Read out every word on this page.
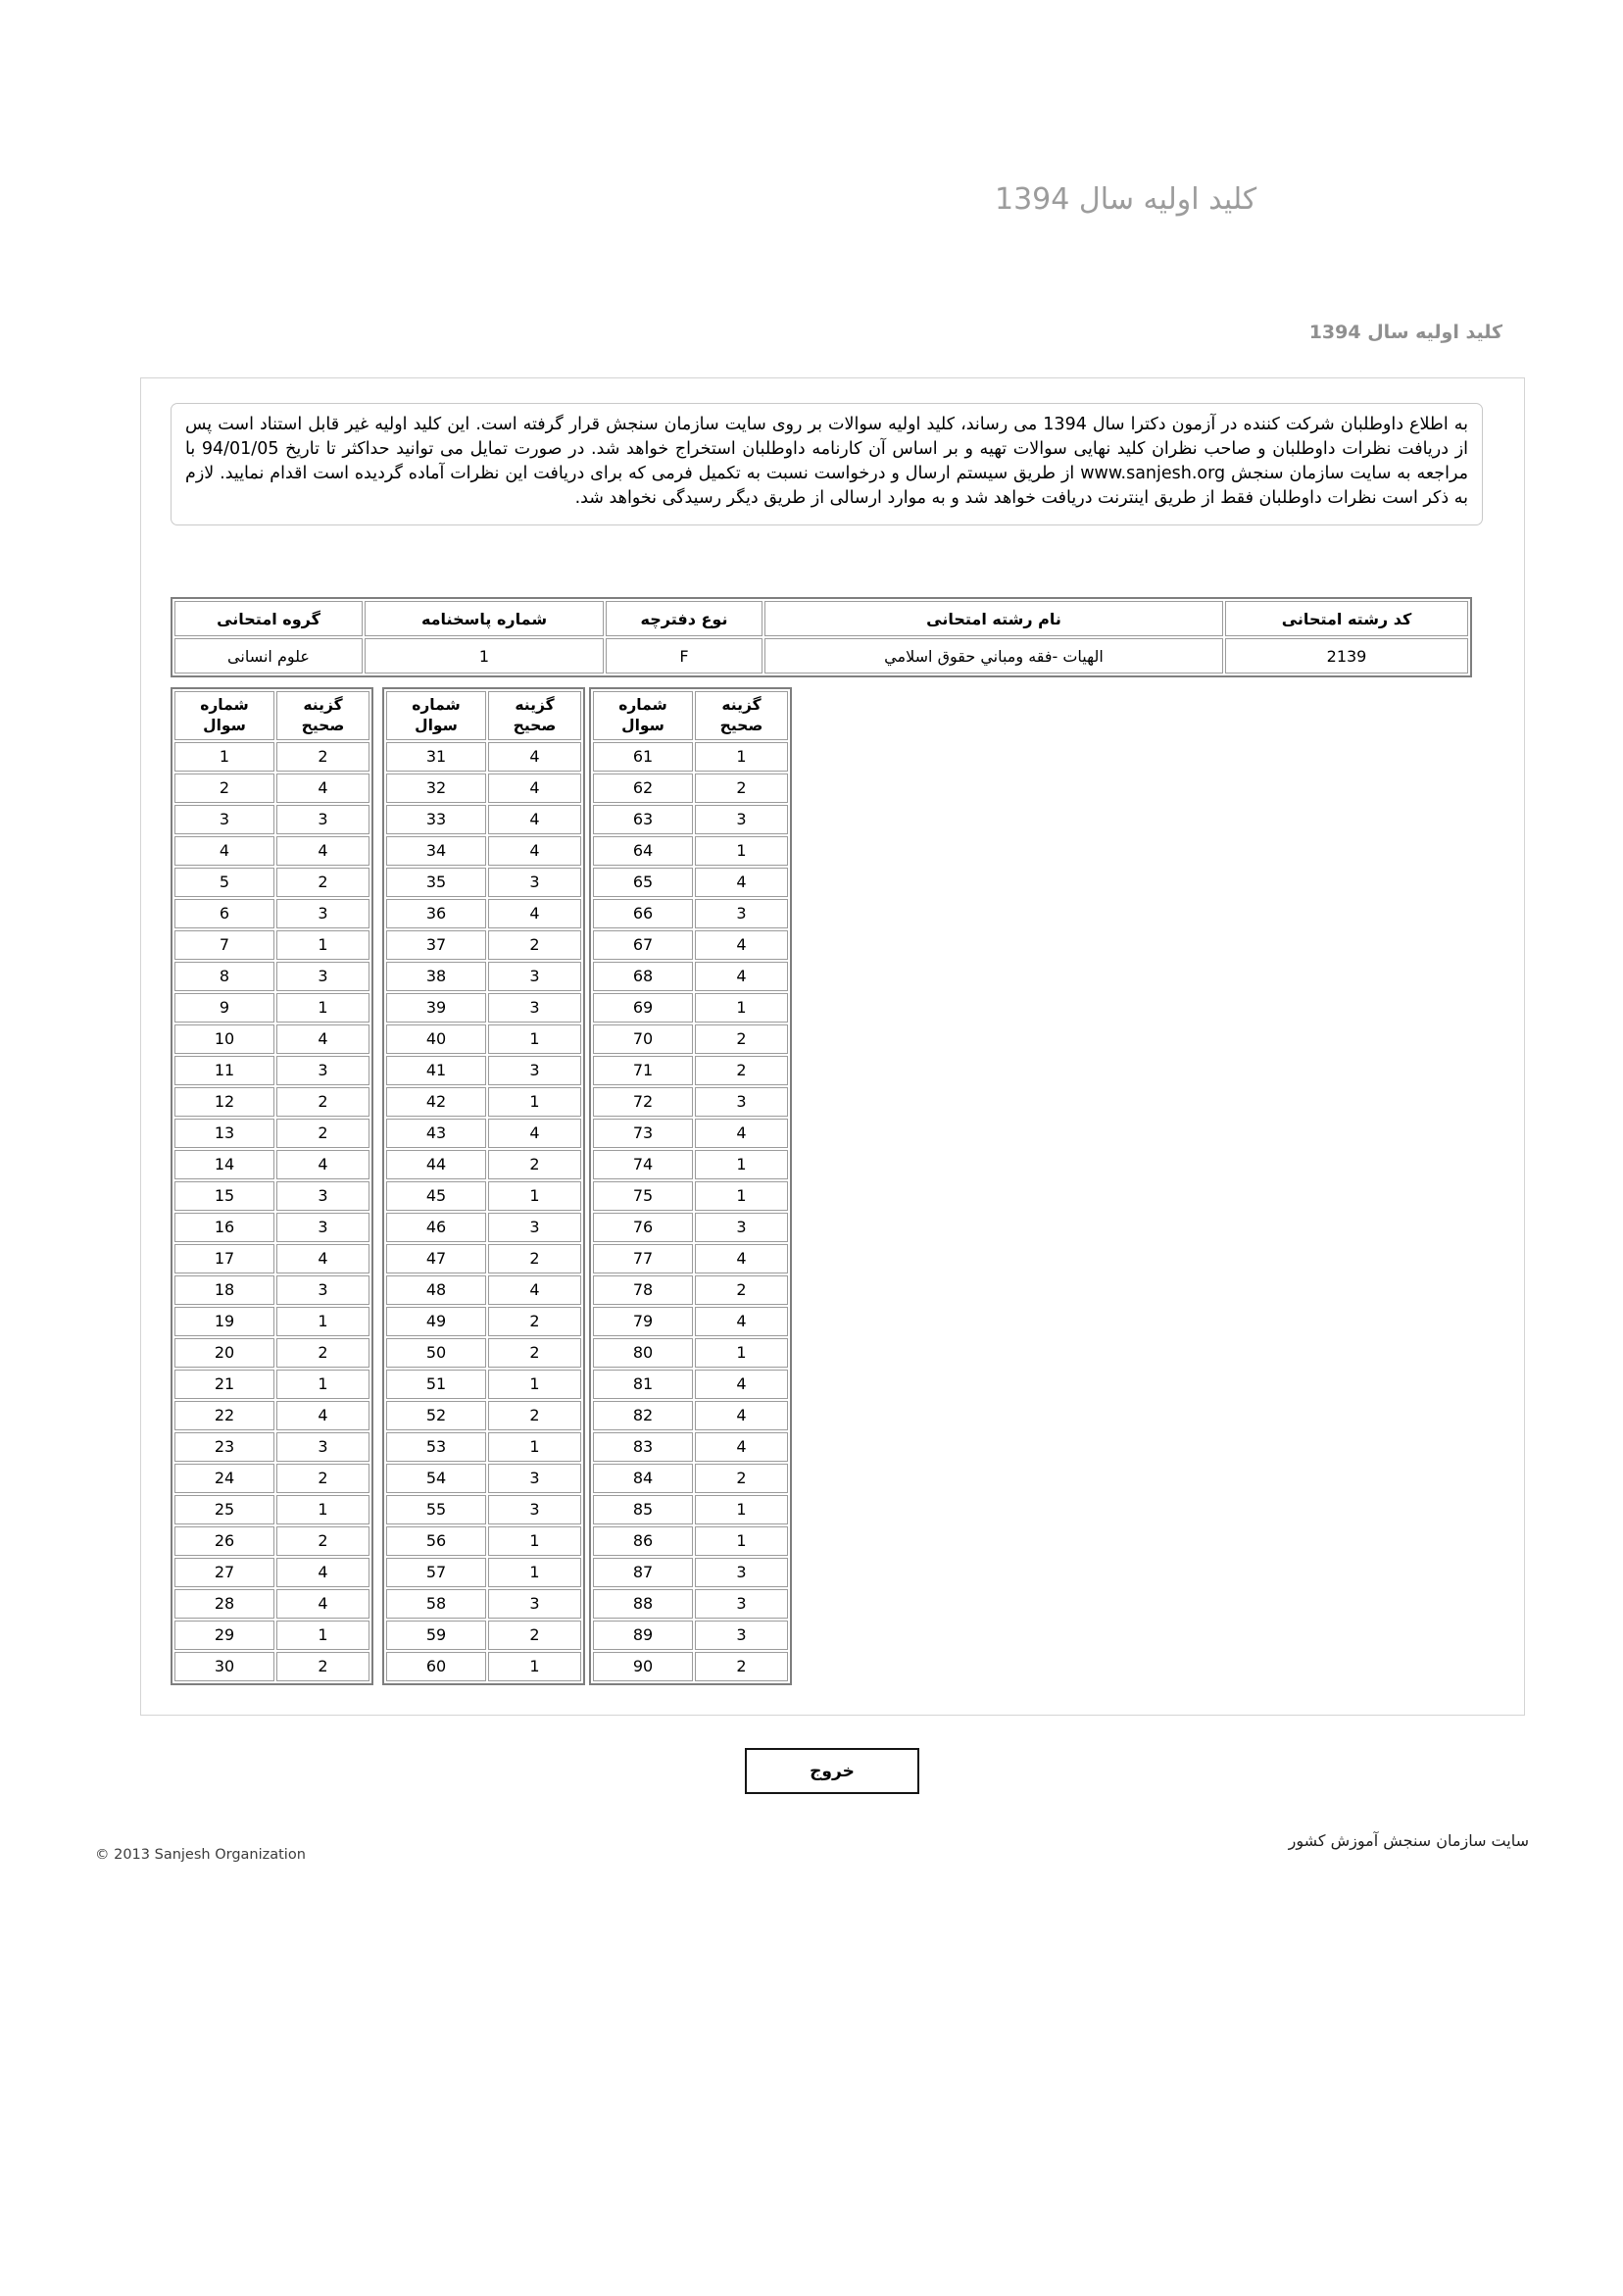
کلید اولیه سال 1394
کلید اولیه سال 1394
به اطلاع داوطلبان شرکت کننده در آزمون دکترا سال 1394 می رساند، کلید اولیه سوالات بر روی سایت سازمان سنجش قرار گرفته است. این کلید اولیه غیر قابل استناد است پس از دریافت نظرات داوطلبان و صاحب نظران کلید نهایی سوالات تهیه و بر اساس آن کارنامه داوطلبان استخراج خواهد شد. در صورت تمایل می توانید حداکثر تا تاریخ 94/01/05 با مراجعه به سایت سازمان سنجش www.sanjesh.org از طریق سیستم ارسال و درخواست نسبت به تکمیل فرمی که برای دریافت این نظرات آماده گردیده است اقدام نمایید. لازم به ذکر است نظرات داوطلبان فقط از طریق اینترنت دریافت خواهد شد و به موارد ارسالی از طریق دیگر رسیدگی نخواهد شد.
کد رشته امتحانی	نام رشته امتحانی	نوع دفترچه	شماره پاسخنامه	گروه امتحانی
2139	الهيات -فقه ومباني حقوق اسلامي	F	1	علوم انسانی
شماره سوال	گزینه صحیح
1	2
2	4
3	3
4	4
5	2
6	3
7	1
8	3
9	1
10	4
11	3
12	2
13	2
14	4
15	3
16	3
17	4
18	3
19	1
20	2
21	1
22	4
23	3
24	2
25	1
26	2
27	4
28	4
29	1
30	2
شماره سوال	گزینه صحیح
31	4
32	4
33	4
34	4
35	3
36	4
37	2
38	3
39	3
40	1
41	3
42	1
43	4
44	2
45	1
46	3
47	2
48	4
49	2
50	2
51	1
52	2
53	1
54	3
55	3
56	1
57	1
58	3
59	2
60	1
شماره سوال	گزینه صحیح
61	1
62	2
63	3
64	1
65	4
66	3
67	4
68	4
69	1
70	2
71	2
72	3
73	4
74	1
75	1
76	3
77	4
78	2
79	4
80	1
81	4
82	4
83	4
84	2
85	1
86	1
87	3
88	3
89	3
90	2
خروج
© 2013 Sanjesh Organization
سایت سازمان سنجش آموزش کشور
